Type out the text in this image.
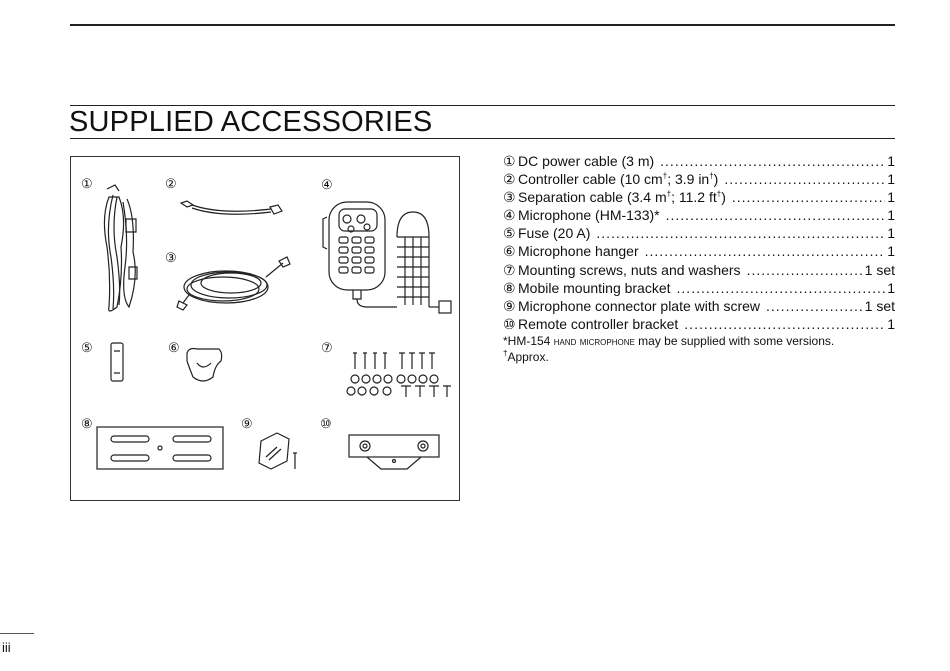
SUPPLIED ACCESSORIES
①	②
③
④
⑤	⑥	⑦
⑧	⑨	⑩
① DC power cable (3 m) .....	1
② Controller cable (10 cm†; 3.9 in†) .....	1
③ Separation cable (3.4 m†; 11.2 ft†) .....	1
④ Microphone (HM-133)* .....	1
⑤ Fuse (20 A) .....	1
⑥ Microphone hanger .....	1
⑦ Mounting screws, nuts and washers .....	1 set
⑧ Mobile mounting bracket .....	1
⑨ Microphone connector plate with screw .....	1 set
⑩ Remote controller bracket .....	1
*HM-154 hand microphone may be supplied with some versions.
†Approx.
iii
